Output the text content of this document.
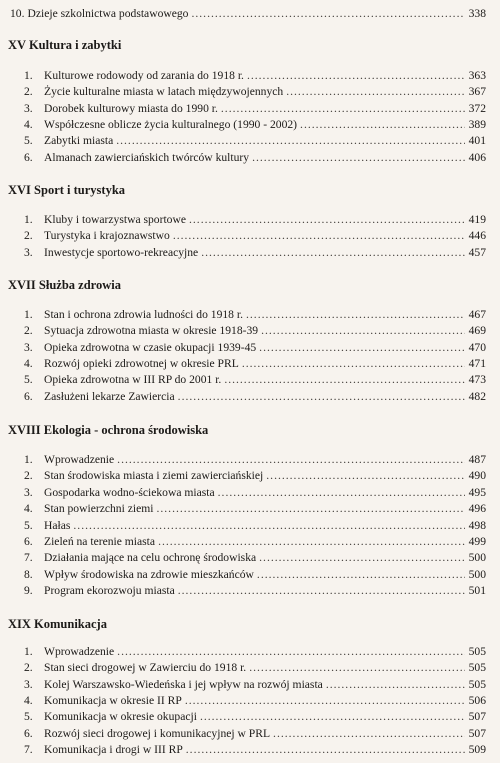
10. Dzieje szkolnictwa podstawowego .....	338
XV Kultura i zabytki
1. Kulturowe rodowody od zarania do 1918 r. .....	363
2. Życie kulturalne miasta w latach międzywojennych .....	367
3. Dorobek kulturowy miasta do 1990 r. .....	372
4. Współczesne oblicze życia kulturalnego (1990 - 2002) .....	389
5. Zabytki miasta .....	401
6. Almanach zawierciańskich twórców kultury .....	406
XVI Sport i turystyka
1. Kluby i towarzystwa sportowe .....	419
2. Turystyka i krajoznawstwo .....	446
3. Inwestycje sportowo-rekreacyjne .....	457
XVII Służba zdrowia
1. Stan i ochrona zdrowia ludności do 1918 r. .....	467
2. Sytuacja zdrowotna miasta w okresie 1918-39 .....	469
3. Opieka zdrowotna w czasie okupacji 1939-45 .....	470
4. Rozwój opieki zdrowotnej w okresie PRL .....	471
5. Opieka zdrowotna w III RP do 2001 r. .....	473
6. Zasłużeni lekarze Zawiercia .....	482
XVIII Ekologia - ochrona środowiska
1. Wprowadzenie .....	487
2. Stan środowiska miasta i ziemi zawierciańskiej .....	490
3. Gospodarka wodno-ściekowa miasta .....	495
4. Stan powierzchni ziemi .....	496
5. Hałas .....	498
6. Zieleń na terenie miasta .....	499
7. Działania mające na celu ochronę środowiska .....	500
8. Wpływ środowiska na zdrowie mieszkańców .....	500
9. Program ekorozwoju miasta .....	501
XIX Komunikacja
1. Wprowadzenie .....	505
2. Stan sieci drogowej w Zawierciu do 1918 r. .....	505
3. Kolej Warszawsko-Wiedeńska i jej wpływ na rozwój miasta .....	505
4. Komunikacja w okresie II RP .....	506
5. Komunikacja w okresie okupacji .....	507
6. Rozwój sieci drogowej i komunikacyjnej w PRL .....	507
7. Komunikacja i drogi w III RP .....	509
